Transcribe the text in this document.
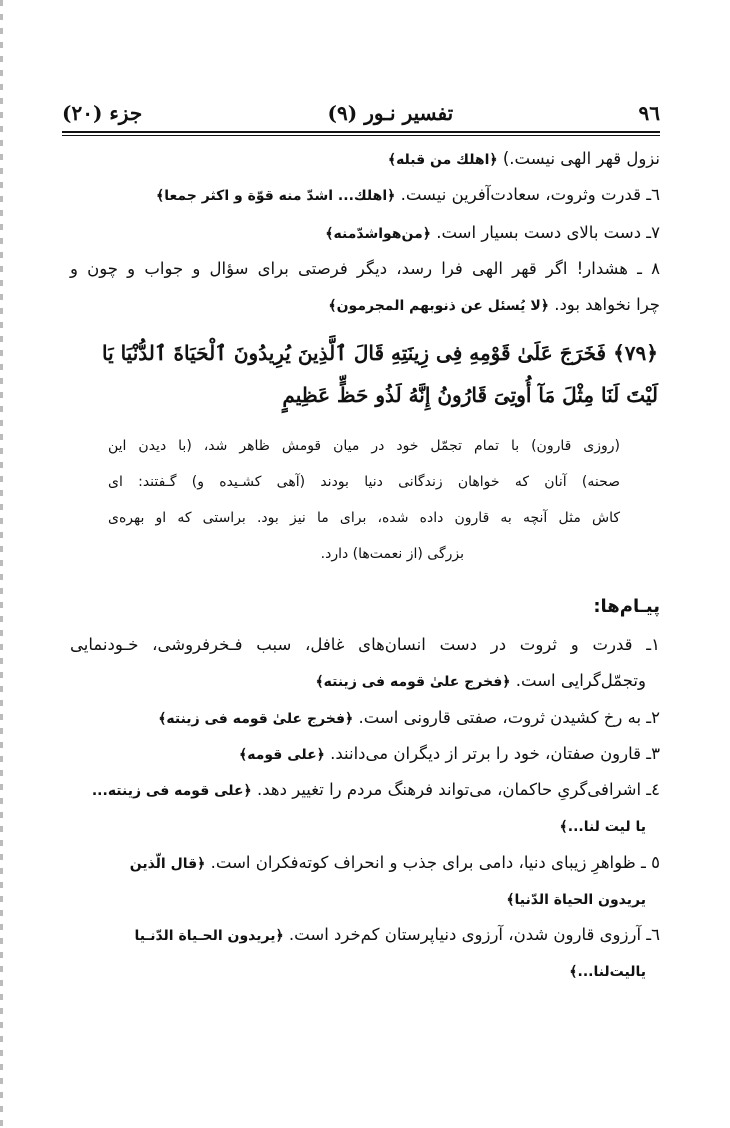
۹٦
تفسیر نـور (۹)
جزء (۲۰)
نزول قهر الهی نیست.) ﴿اهلك من قبله﴾
٦ـ قدرت وثروت، سعادت‌آفرین نیست. ﴿اهلك... اشدّ منه قوّة و اکثر جمعا﴾
۷ـ دست بالای دست بسیار است. ﴿من‌هواشدّمنه﴾
۸ ـ هشدار! اگر قهر الهی فرا رسد، دیگر فرصتی برای سؤال و جواب و چون و
چرا نخواهد بود. ﴿لا یُسئل عن ذنوبهم المجرمون﴾
﴿۷۹﴾ فَخَرَجَ عَلَىٰ قَوْمِهِ فِى زِينَتِهِ قَالَ ٱلَّذِينَ يُرِيدُونَ ٱلْحَيَاةَ ٱلدُّنْيَا يَا
لَيْتَ لَنَا مِثْلَ مَآ أُوتِىَ قَارُونُ إِنَّهُ لَذُو حَظٍّ عَظِيمٍ
(روزی قارون) با تمام تجمّل خود در میان قومش ظاهر شد، (با دیدن این
صحنه) آنان که خواهان زندگانی دنیا بودند (آهی کشـیده و) گـفتند: ای
کاش مثل آنچه به قارون داده شده، برای ما نیز بود. براستی که او بهره‌ی
بزرگی (از نعمت‌ها) دارد.
پیـام‌ها:
۱ـ قدرت و ثروت در دست انسان‌های غافل، سبب فـخرفروشی، خـودنمایی
وتجمّل‌گرایی است. ﴿فخرج علیٰ قومه فی زینته﴾
۲ـ به رخ کشیدن ثروت، صفتی قارونی است. ﴿فخرج علیٰ قومه فی زینته﴾
۳ـ قارون صفتان، خود را برتر از دیگران می‌دانند. ﴿علی قومه﴾
٤ـ اشرافی‌گریِ حاکمان، می‌تواند فرهنگ مردم را تغییر دهد. ﴿علی قومه فی زینته...
یا لیت لنا...﴾
٥ ـ ظواهرِ زیبای دنیا، دامی برای جذب و انحراف کوته‌فکران است. ﴿قال الّذین
یریدون الحیاة الدّنیا﴾
٦ـ آرزوی قارون شدن، آرزوی دنیاپرستان کم‌خرد است. ﴿یریدون الحـیاة الدّنـیا
یالیت‌لنا...﴾
